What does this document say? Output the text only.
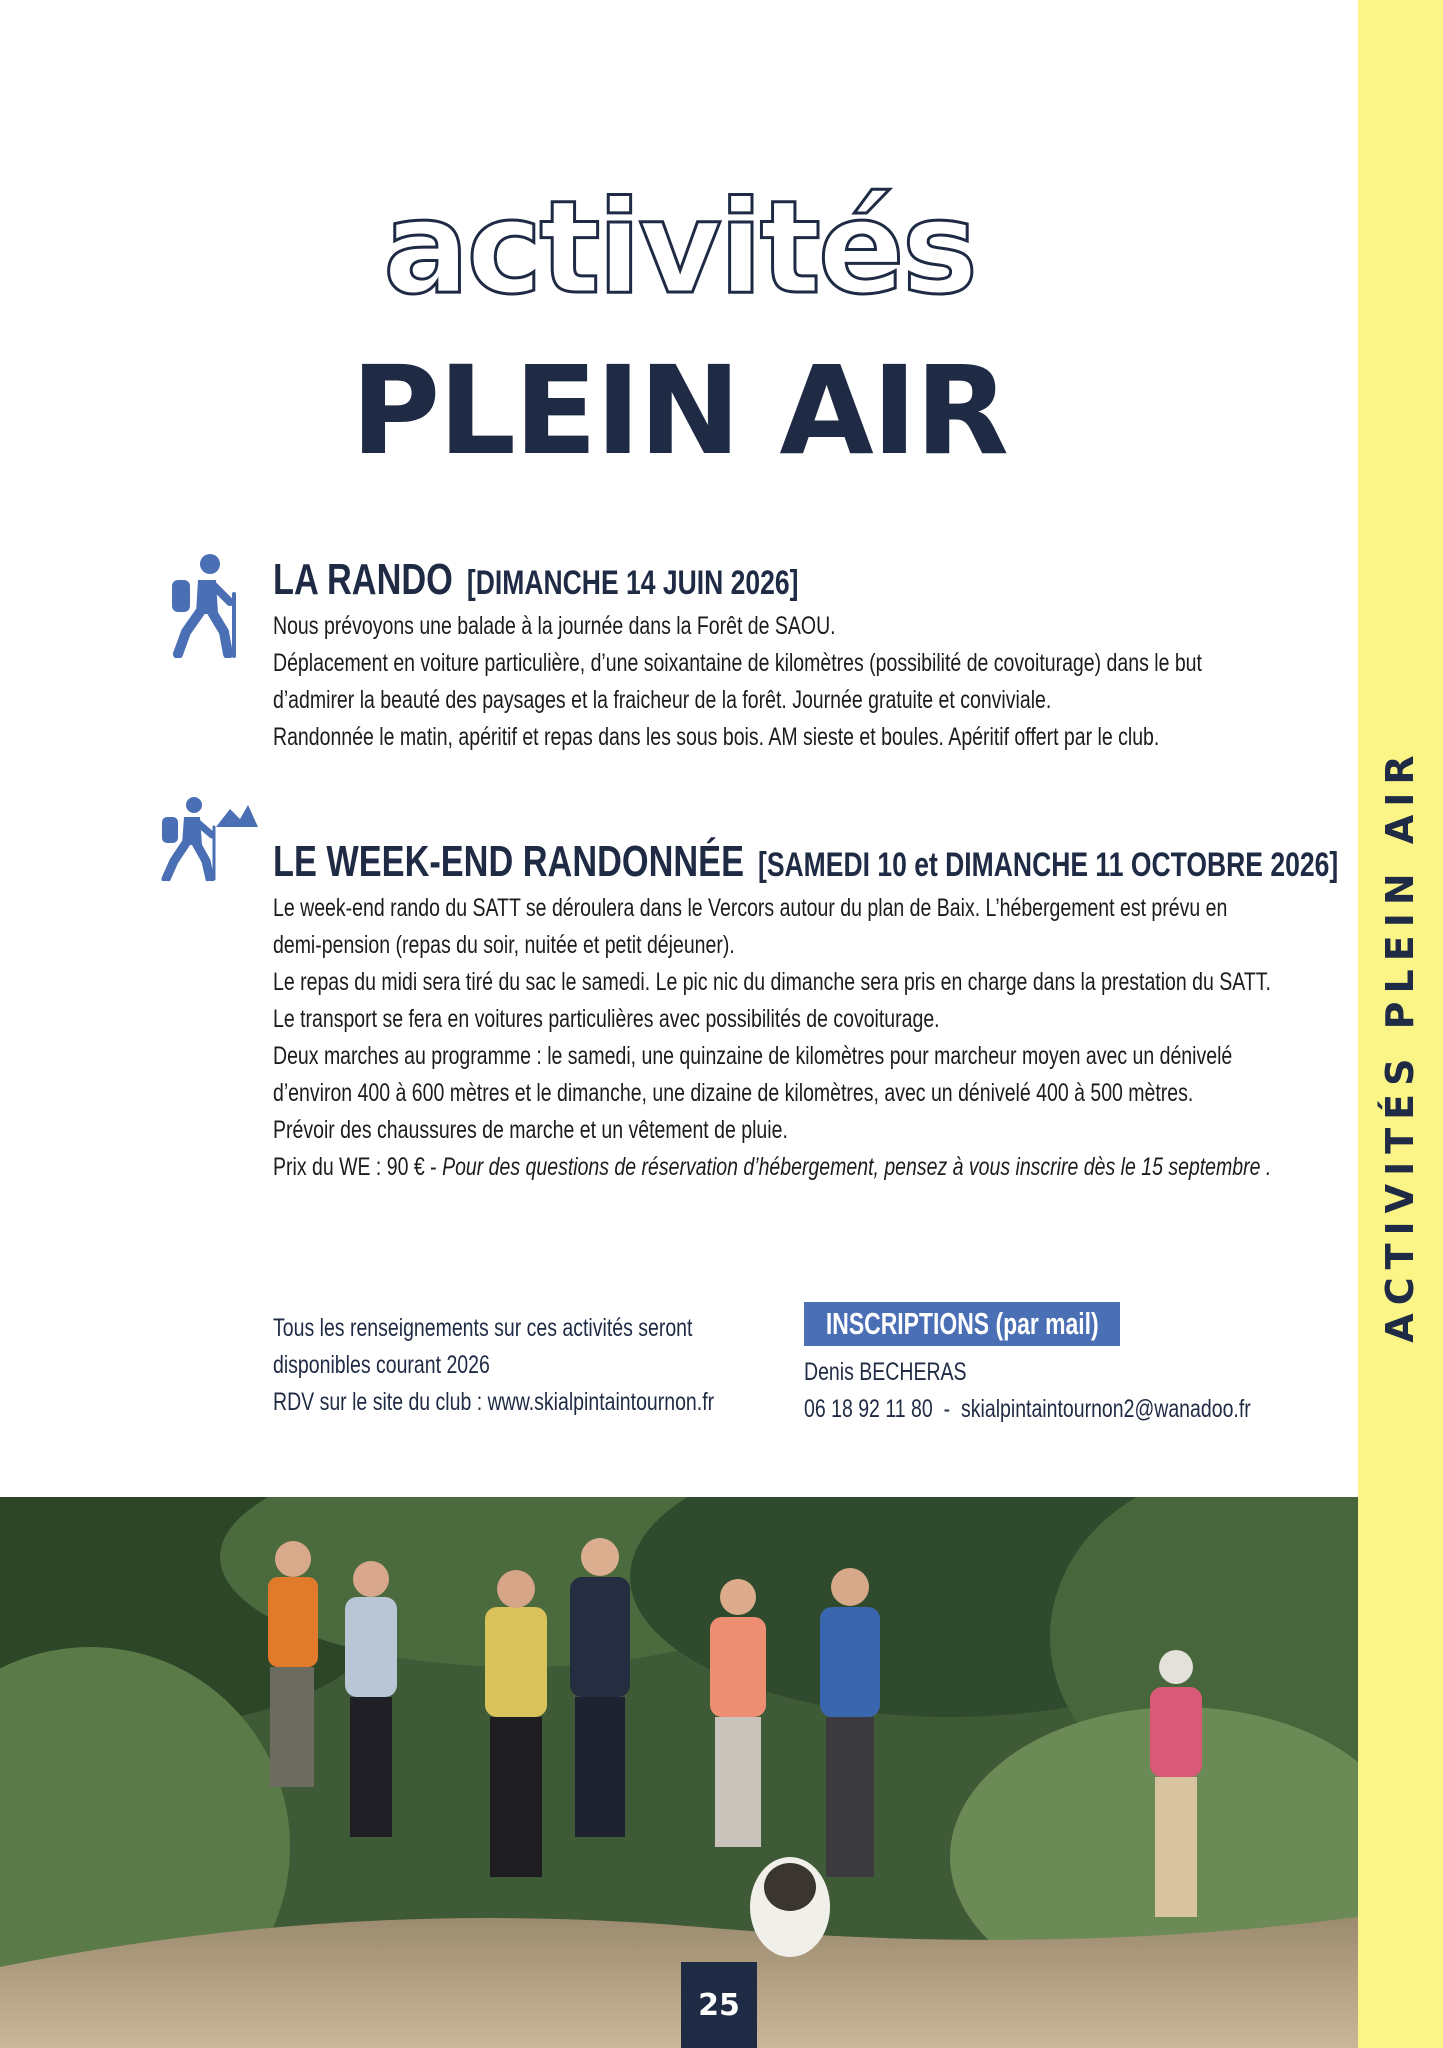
ACTIVITÉS PLEIN AIR
activités
PLEIN AIR
LA RANDO [DIMANCHE 14 JUIN 2026]

Nous prévoyons une balade à la journée dans la Forêt de SAOU.

Déplacement en voiture particulière, d’une soixantaine de kilomètres (possibilité de covoiturage) dans le but d’admirer la beauté des paysages et la fraicheur de la forêt. Journée gratuite et conviviale.

Randonnée le matin, apéritif et repas dans les sous bois. AM sieste et boules. Apéritif offert par le club.

LE WEEK-END RANDONNÉE [SAMEDI 10 et DIMANCHE 11 OCTOBRE 2026]

Le week-end rando du SATT se déroulera dans le Vercors autour du plan de Baix. L’hébergement est prévu en demi-pension (repas du soir, nuitée et petit déjeuner).

Le repas du midi sera tiré du sac le samedi. Le pic nic du dimanche sera pris en charge dans la prestation du SATT.

Le transport se fera en voitures particulières avec possibilités de covoiturage.

Deux marches au programme : le samedi, une quinzaine de kilomètres pour marcheur moyen avec un dénivelé d’environ 400 à 600 mètres et le dimanche, une dizaine de kilomètres, avec un dénivelé 400 à 500 mètres.

Prévoir des chaussures de marche et un vêtement de pluie.

Prix du WE : 90 € - Pour des questions de réservation d’hébergement, pensez à vous inscrire dès le 15 septembre .

Tous les renseignements sur ces activités seront

disponibles courant 2026

RDV sur le site du club : www.skialpintaintournon.fr

INSCRIPTIONS (par mail)

Denis BECHERAS

06 18 92 11 80 - skialpintaintournon2@wanadoo.fr

25
